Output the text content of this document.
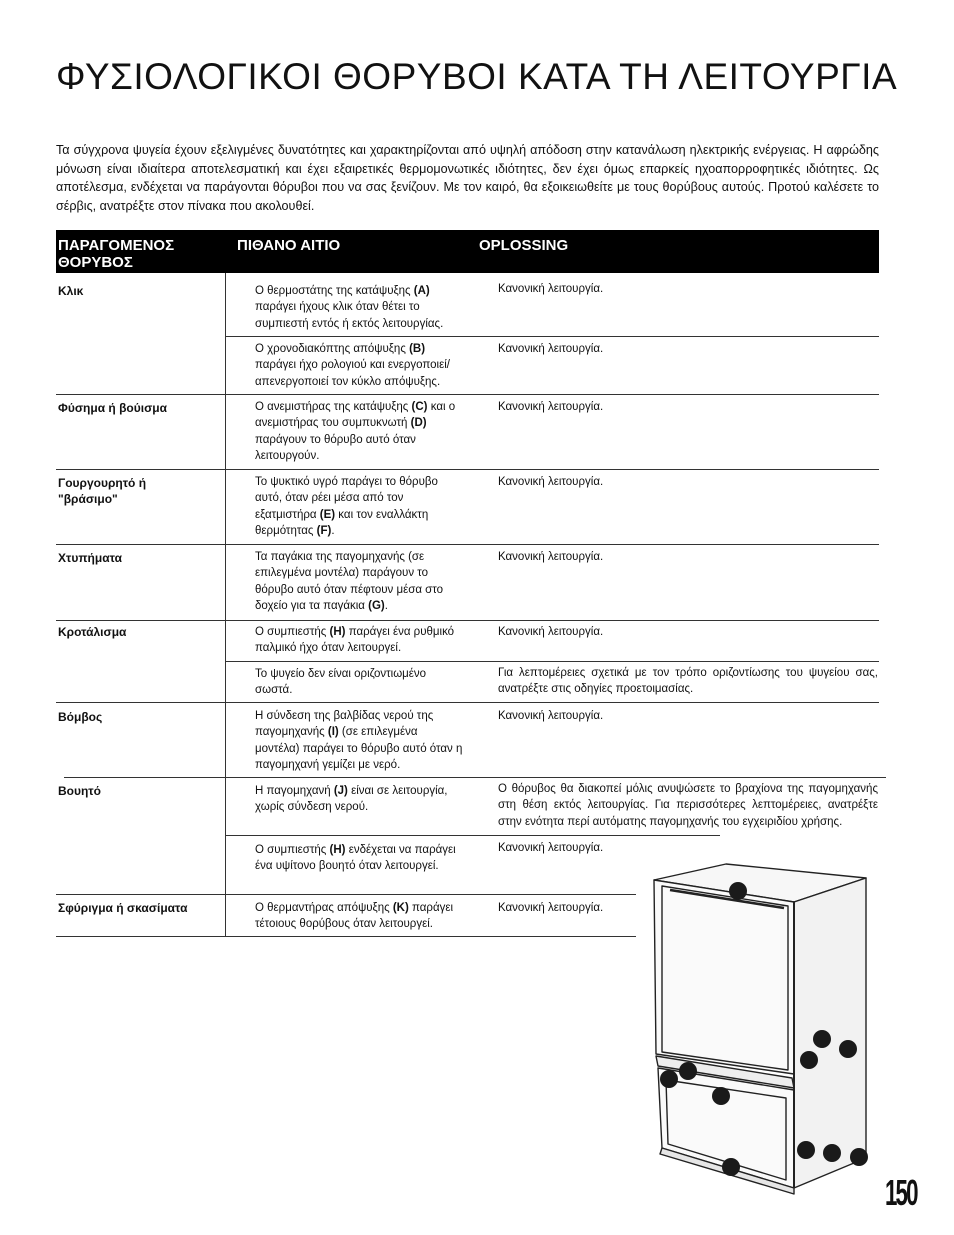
ΦΥΣΙΟΛΟΓΙΚΟΙ ΘΟΡΥΒΟΙ ΚΑΤΑ ΤΗ ΛΕΙΤΟΥΡΓΙΑ
Τα σύγχρονα ψυγεία έχουν εξελιγμένες δυνατότητες και χαρακτηρίζονται από υψηλή απόδοση στην κατανάλωση ηλεκτρικής ενέργειας. Η αφρώδης μόνωση είναι ιδιαίτερα αποτελεσματική και έχει εξαιρετικές θερμομονωτικές ιδιότητες, δεν έχει όμως επαρκείς ηχοαπορροφητικές ιδιότητες. Ως αποτέλεσμα, ενδέχεται να παράγονται θόρυβοι που να σας ξενίζουν. Με τον καιρό, θα εξοικειωθείτε με τους θορύβους αυτούς. Προτού καλέσετε το σέρβις, ανατρέξτε στον πίνακα που ακολουθεί.
ΠΑΡΑΓΟΜΕΝΟΣ ΘΟΡΥΒΟΣ
ΠΙΘΑΝΟ ΑΙΤΙΟ	OPLOSSING
Κλικ
Φύσημα ή βούισμα
Γουργουρητό ή "βράσιμο"
Χτυπήματα
Κροτάλισμα
Βόμβος
Βουητό
Σφύριγμα ή σκασίματα
Ο θερμοστάτης της κατάψυξης (A) παράγει ήχους κλικ όταν θέτει το συμπιεστή εντός ή εκτός λειτουργίας.
Ο χρονοδιακόπτης απόψυξης (B) παράγει ήχο ρολογιού και ενεργοποιεί/ απενεργοποιεί τον κύκλο απόψυξης.
Ο ανεμιστήρας της κατάψυξης (C) και ο ανεμιστήρας του συμπυκνωτή (D) παράγουν το θόρυβο αυτό όταν λειτουργούν.
Το ψυκτικό υγρό παράγει το θόρυβο αυτό, όταν ρέει μέσα από τον εξατμιστήρα (E) και τον εναλλάκτη θερμότητας (F).
Τα παγάκια της παγομηχανής (σε επιλεγμένα μοντέλα) παράγουν το θόρυβο αυτό όταν πέφτουν μέσα στο δοχείο για τα παγάκια (G).
Ο συμπιεστής (H) παράγει ένα ρυθμικό παλμικό ήχο όταν λειτουργεί.
Το ψυγείο δεν είναι οριζοντιωμένο σωστά.
Η σύνδεση της βαλβίδας νερού της παγομηχανής (I) (σε επιλεγμένα μοντέλα) παράγει το θόρυβο αυτό όταν η παγομηχανή γεμίζει με νερό.
Η παγομηχανή (J) είναι σε λειτουργία, χωρίς σύνδεση νερού.
Ο συμπιεστής (H) ενδέχεται να παράγει ένα υψίτονο βουητό όταν λειτουργεί.
Ο θερμαντήρας απόψυξης (K) παράγει τέτοιους θορύβους όταν λειτουργεί.
Κανονική λειτουργία.
Κανονική λειτουργία.
Κανονική λειτουργία.
Κανονική λειτουργία.
Κανονική λειτουργία.
Κανονική λειτουργία.
Για λεπτομέρειες σχετικά με τον τρόπο οριζοντίωσης του ψυγείου σας, ανατρέξτε στις οδηγίες προετοιμασίας.
Κανονική λειτουργία.
Ο θόρυβος θα διακοπεί μόλις ανυψώσετε το βραχίονα της παγομηχανής στη θέση εκτός λειτουργίας. Για περισσότερες λεπτομέρειες, ανατρέξτε στην ενότητα περί αυτόματης παγομηχανής του εγχειριδίου χρήσης.
Κανονική λειτουργία.
Κανονική λειτουργία.
150
